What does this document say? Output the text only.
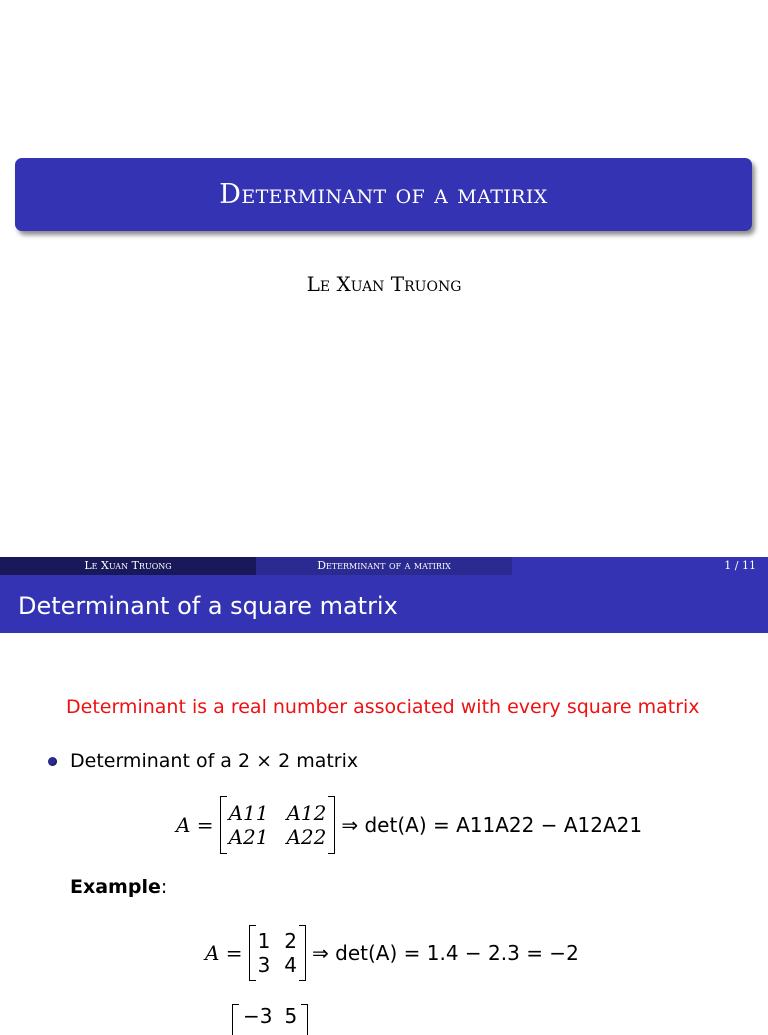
Determinant of a matirix
Le Xuan Truong
Le Xuan Truong	Determinant of a matirix	1 / 11
Determinant of a square matrix
Determinant is a real number associated with every square matrix
Determinant of a 2 × 2 matrix
A = A11 A12
A21 A22 ⇒ det(A) = A11A22 − A12A21
Example:
A = 1 2
3 4 ⇒ det(A) = 1.4 − 2.3 = −2
−3 5
